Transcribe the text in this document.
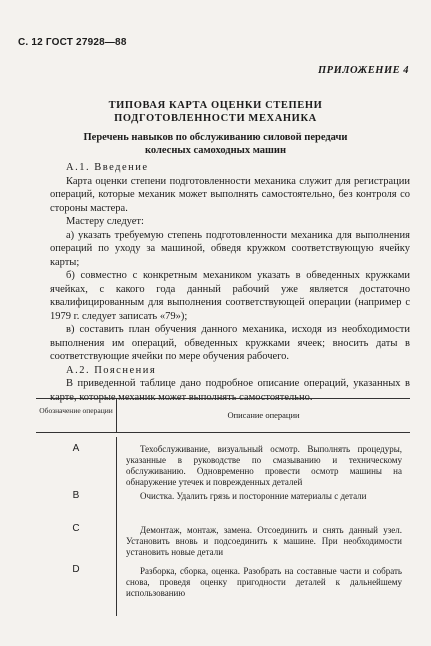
С. 12 ГОСТ 27928—88
ПРИЛОЖЕНИЕ 4
ТИПОВАЯ КАРТА ОЦЕНКИ СТЕПЕНИ
ПОДГОТОВЛЕННОСТИ МЕХАНИКА
Перечень навыков по обслуживанию силовой передачи
колесных самоходных машин

А.1. Введение

Карта оценки степени подготовленности механика служит для регистрации операций, которые механик может выполнять самостоятельно, без контроля со стороны мастера.

Мастеру следует:

а) указать требуемую степень подготовленности механика для выполнения операций по уходу за машиной, обведя кружком соответствующую ячейку карты;

б) совместно с конкретным механиком указать в обведенных кружками ячейках, с какого года данный рабочий уже является достаточно квалифицированным для выполнения соответствующей операции (например с 1979 г. следует записать «79»);

в) составить план обучения данного механика, исходя из необходимости выполнения им операций, обведенных кружками ячеек; вносить даты в соответствующие ячейки по мере обучения рабочего.

А.2. Пояснения

В приведенной таблице дано подробное описание операций, указанных в карте, которые механик может выполнять самостоятельно.

Обозначение операции	Описание операции
A	Техобслуживание, визуальный осмотр. Выполнять процедуры, указанные в руководстве по смазыванию и техническому обслуживанию. Одновременно провести осмотр машины на обнаружение утечек и поврежденных деталей

B	Очистка. Удалить грязь и посторонние материалы с детали

C	Демонтаж, монтаж, замена. Отсоединить и снять данный узел. Установить вновь и подсоединить к машине. При необходимости установить новые детали

D	Разборка, сборка, оценка. Разобрать на составные части и собрать снова, проведя оценку пригодности деталей к дальнейшему использованию
